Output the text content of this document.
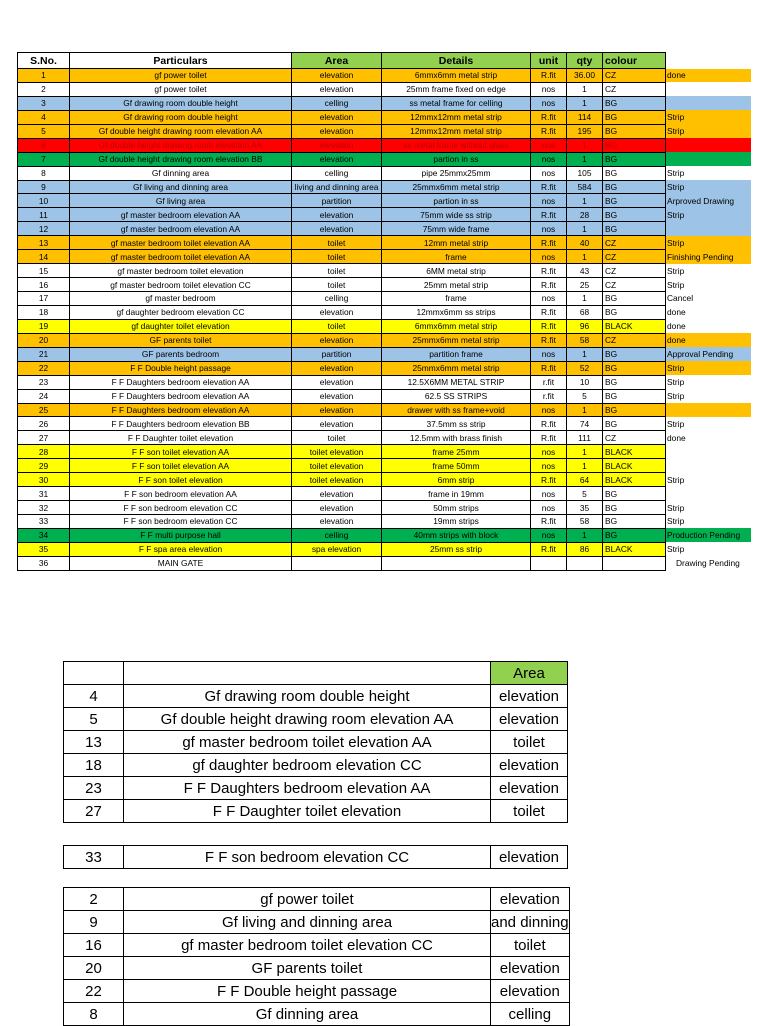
S.No.	Particulars	Area	Details	unit	qty	colour	
1	gf power toilet	elevation	6mmx6mm metal strip	R.fit	36.00	CZ	done
2	gf power toilet	elevation	25mm frame fixed on edge	nos	1	CZ	
3	Gf drawing room double height	celling	ss metal frame for celling	nos	1	BG	
4	Gf drawing room double height	elevation	12mmx12mm metal strip	R.fit	114	BG	Strip
5	Gf double height drawing room elevation AA	elevation	12mmx12mm metal strip	R.fit	195	BG	Strip
6	Gf double height drawing room elevation AA	elevation	ss metal frame without glass	nos	1	BG	
7	Gf double height drawing room elevation BB	elevation	partion in ss	nos	1	BG	
8	Gf dinning area	celling	pipe 25mmx25mm	nos	105	BG	Strip
9	Gf living and dinning area	living and dinning area	25mmx6mm metal strip	R.fit	584	BG	Strip
10	Gf living area	partition	partion in ss	nos	1	BG	Arproved Drawing
11	gf master bedroom elevation AA	elevation	75mm wide ss strip	R.fit	28	BG	Strip
12	gf master bedroom elevation AA	elevation	75mm wide frame	nos	1	BG	
13	gf master bedroom toilet elevation AA	toilet	12mm metal strip	R.fit	40	CZ	Strip
14	gf master bedroom toilet elevation AA	toilet	frame	nos	1	CZ	Finishing Pending
15	gf master bedroom toilet elevation	toilet	6MM metal strip	R.fit	43	CZ	Strip
16	gf master bedroom toilet elevation CC	toilet	25mm metal strip	R.fit	25	CZ	Strip
17	gf master bedroom	celling	frame	nos	1	BG	Cancel
18	gf daughter bedroom elevation CC	elevation	12mmx6mm ss strips	R.fit	68	BG	done
19	gf daughter toilet elevation	toilet	6mmx6mm metal strip	R.fit	96	BLACK	done
20	GF parents toilet	elevation	25mmx6mm metal strip	R.fit	58	CZ	done
21	GF parents bedroom	partition	partition frame	nos	1	BG	Approval Pending
22	F F Double height passage	elevation	25mmx6mm metal strip	R.fit	52	BG	Strip
23	F F Daughters bedroom elevation AA	elevation	12.5X6MM METAL STRIP	r.fit	10	BG	Strip
24	F F Daughters bedroom elevation AA	elevation	62.5 SS STRIPS	r.fit	5	BG	Strip
25	F F Daughters bedroom elevation AA	elevation	drawer with ss frame+void	nos	1	BG	
26	F F Daughters bedroom elevation BB	elevation	37.5mm ss strip	R.fit	74	BG	Strip
27	F F Daughter toilet elevation	toilet	12.5mm with brass finish	R.fit	111	CZ	done
28	F F son toilet elevation AA	toilet elevation	frame 25mm	nos	1	BLACK	
29	F F son toilet elevation AA	toilet elevation	frame 50mm	nos	1	BLACK	
30	F F son toilet elevation	toilet elevation	6mm strip	R.fit	64	BLACK	Strip
31	F F son bedroom elevation AA	elevation	frame in 19mm	nos	5	BG	
32	F F son bedroom elevation CC	elevation	50mm strips	nos	35	BG	Strip
33	F F son bedroom elevation CC	elevation	19mm strips	R.fit	58	BG	Strip
34	F F multi purpose hall	celling	40mm strips with block	nos	1	BG	Production Pending
35	F F spa area elevation	spa elevation	25mm ss strip	R.fit	86	BLACK	Strip
36	MAIN GATE						Drawing Pending
		Area
4	Gf drawing room double height	elevation
5	Gf double height drawing room elevation AA	elevation
13	gf master bedroom toilet elevation AA	toilet
18	gf daughter bedroom elevation CC	elevation
23	F F Daughters bedroom elevation AA	elevation
27	F F Daughter toilet elevation	toilet
33	F F son bedroom elevation CC	elevation
2	gf power toilet	elevation
9	Gf living and dinning area	and dinning
16	gf master bedroom toilet elevation CC	toilet
20	GF parents toilet	elevation
22	F F Double height passage	elevation
8	Gf dinning area	celling
